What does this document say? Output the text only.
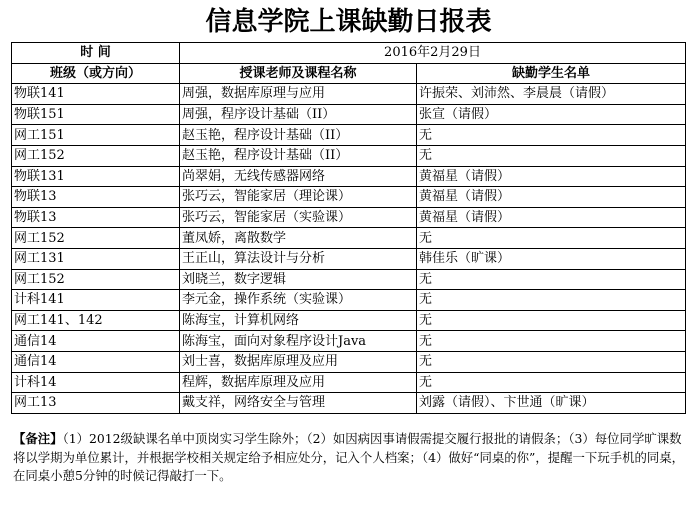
信息学院上课缺勤日报表
时 间	2016年2月29日	
班级（或方向）	授课老师及课程名称	缺勤学生名单
物联141	周强，数据库原理与应用	许振荣、刘沛然、李晨晨（请假）
物联151	周强，程序设计基础（II）	张宣（请假）
网工151	赵玉艳，程序设计基础（II）	无
网工152	赵玉艳，程序设计基础（II）	无
物联131	尚翠娟，无线传感器网络	黄福星（请假）
物联13	张巧云，智能家居（理论课）	黄福星（请假）
物联13	张巧云，智能家居（实验课）	黄福星（请假）
网工152	董凤娇，离散数学	无
网工131	王正山，算法设计与分析	韩佳乐（旷课）
网工152	刘晓兰，数字逻辑	无
计科141	李元金，操作系统（实验课）	无
网工141、142	陈海宝，计算机网络	无
通信14	陈海宝，面向对象程序设计Java	无
通信14	刘士喜，数据库原理及应用	无
计科14	程辉，数据库原理及应用	无
网工13	戴支祥，网络安全与管理	刘露（请假）、卞世通（旷课）
【备注】（1）2012级缺课名单中顶岗实习学生除外；（2）如因病因事请假需提交履行报批的请假条；（3）每位同学旷课数将以学期为单位累计，并根据学校相关规定给予相应处分，记入个人档案；（4）做好“同桌的你”，提醒一下玩手机的同桌，在同桌小憩5分钟的时候记得敲打一下。
